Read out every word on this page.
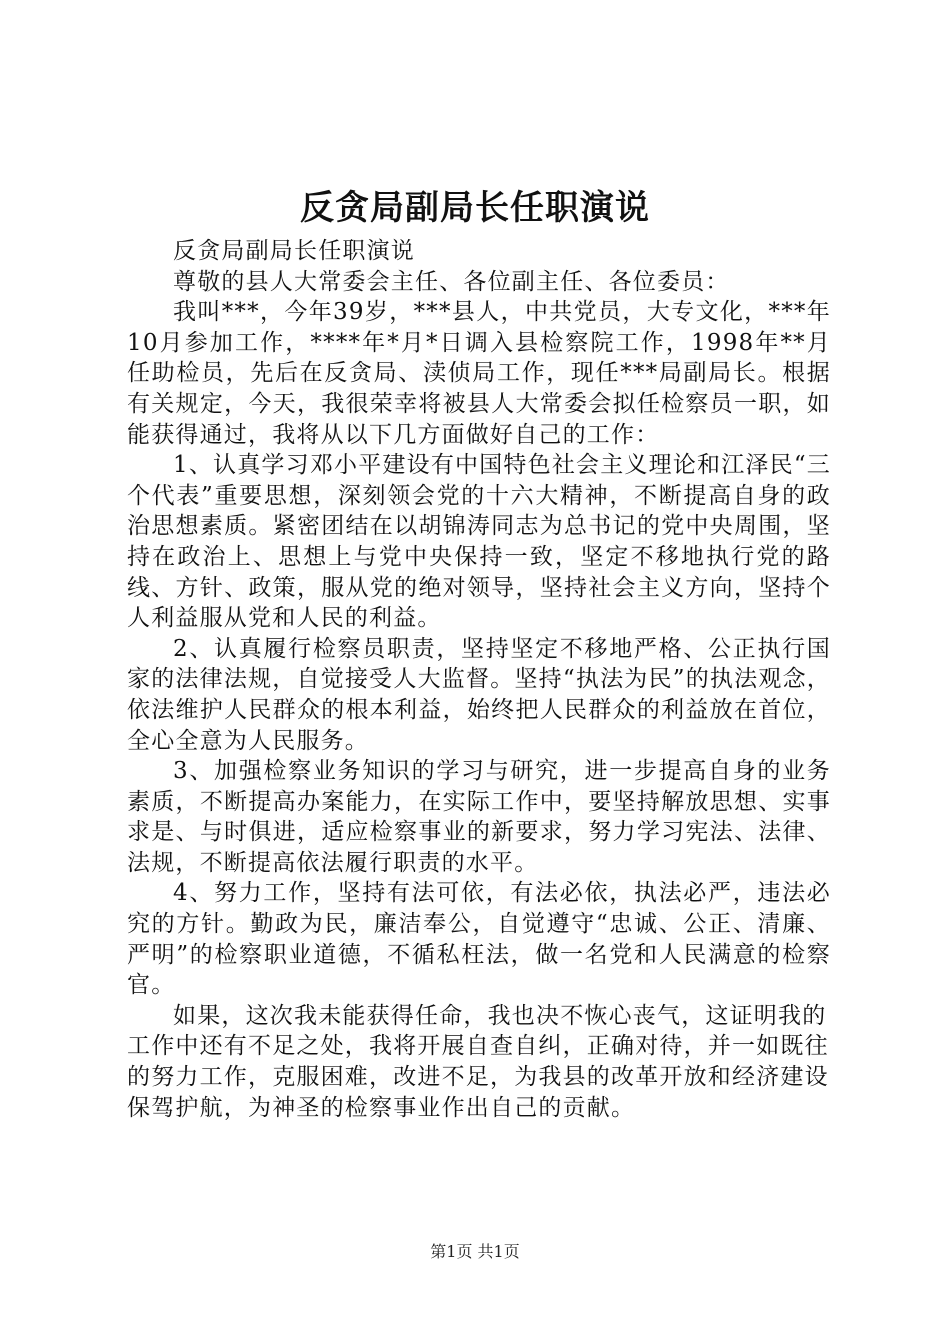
反贪局副局长任职演说

反贪局副局长任职演说

尊敬的县人大常委会主任、各位副主任、各位委员：

我叫***，今年39岁，***县人，中共党员，大专文化，***年10月参加工作，****年*月*日调入县检察院工作，1998年**月任助检员，先后在反贪局、渎侦局工作，现任***局副局长。根据有关规定，今天，我很荣幸将被县人大常委会拟任检察员一职，如能获得通过，我将从以下几方面做好自己的工作：

1、认真学习邓小平建设有中国特色社会主义理论和江泽民“三个代表”重要思想，深刻领会党的十六大精神，不断提高自身的政治思想素质。紧密团结在以胡锦涛同志为总书记的党中央周围，坚持在政治上、思想上与党中央保持一致，坚定不移地执行党的路线、方针、政策，服从党的绝对领导，坚持社会主义方向，坚持个人利益服从党和人民的利益。

2、认真履行检察员职责，坚持坚定不移地严格、公正执行国家的法律法规，自觉接受人大监督。坚持“执法为民”的执法观念，依法维护人民群众的根本利益，始终把人民群众的利益放在首位，全心全意为人民服务。

3、加强检察业务知识的学习与研究，进一步提高自身的业务素质，不断提高办案能力，在实际工作中，要坚持解放思想、实事求是、与时俱进，适应检察事业的新要求，努力学习宪法、法律、法规，不断提高依法履行职责的水平。

4、努力工作，坚持有法可依，有法必依，执法必严，违法必究的方针。勤政为民，廉洁奉公，自觉遵守“忠诚、公正、清廉、严明”的检察职业道德，不循私枉法，做一名党和人民满意的检察官。

如果，这次我未能获得任命，我也决不恢心丧气，这证明我的工作中还有不足之处，我将开展自查自纠，正确对待，并一如既往的努力工作，克服困难，改进不足，为我县的改革开放和经济建设保驾护航，为神圣的检察事业作出自己的贡献。

第1页 共1页
